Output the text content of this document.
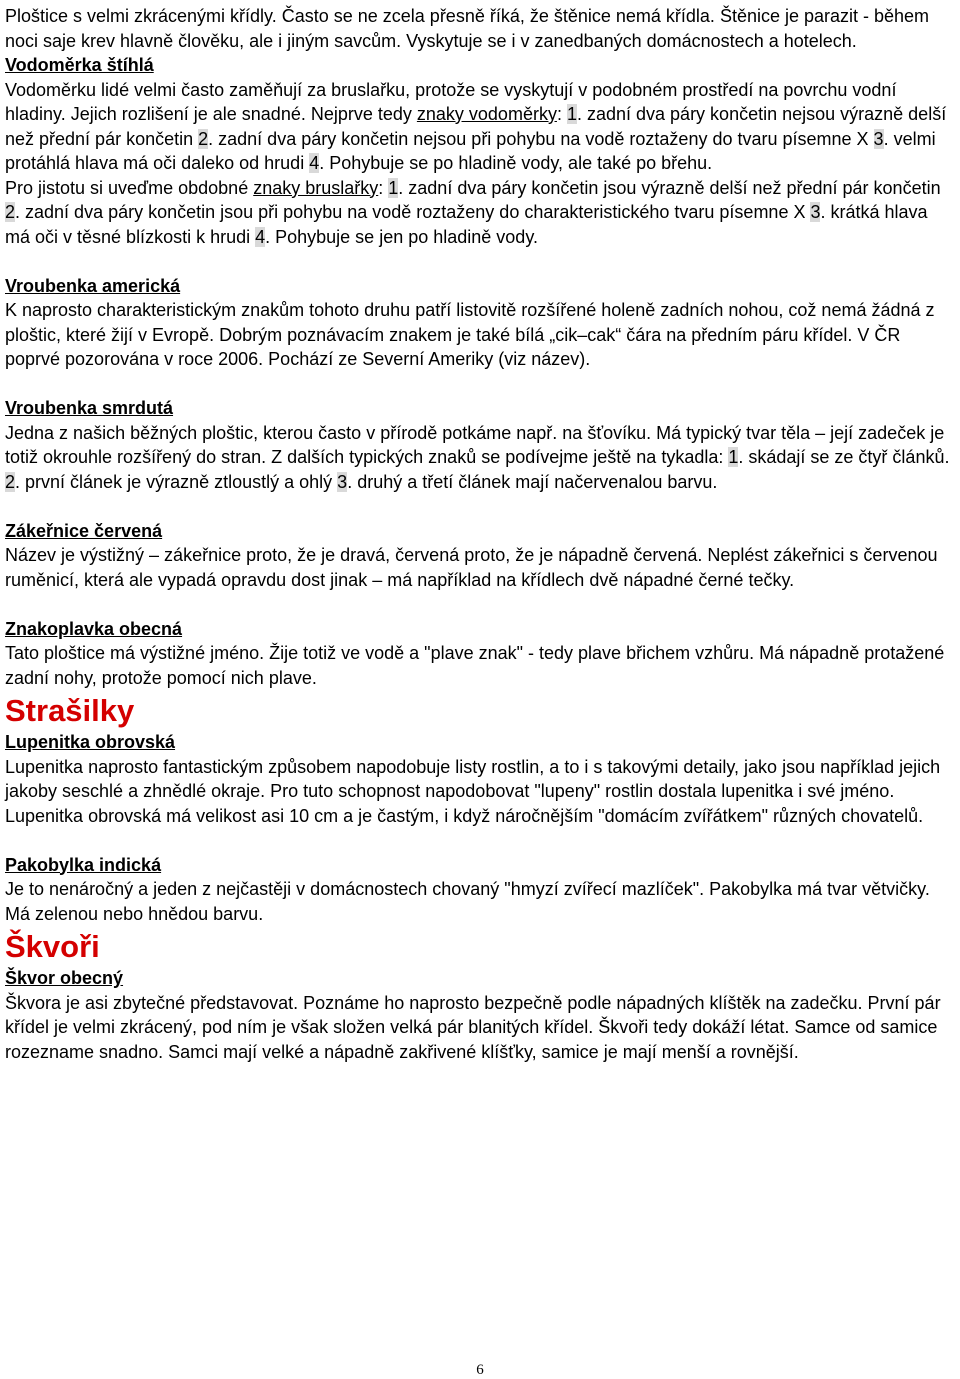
Ploštice s velmi zkrácenými křídly. Často se ne zcela přesně říká, že štěnice nemá křídla. Štěnice je parazit - během noci saje krev hlavně člověku, ale i jiným savcům. Vyskytuje se i v zanedbaných domácnostech a hotelech.

Vodoměrka štíhlá

Vodoměrku lidé velmi často zaměňují za bruslařku, protože se vyskytují v podobném prostředí na povrchu vodní hladiny. Jejich rozlišení je ale snadné. Nejprve tedy znaky vodoměrky: 1. zadní dva páry končetin nejsou výrazně delší než přední pár končetin 2. zadní dva páry končetin nejsou při pohybu na vodě roztaženy do tvaru písemne X 3. velmi protáhlá hlava má oči daleko od hrudi 4. Pohybuje se po hladině vody, ale také po břehu.

Pro jistotu si uveďme obdobné znaky bruslařky: 1. zadní dva páry končetin jsou výrazně delší než přední pár končetin 2. zadní dva páry končetin jsou při pohybu na vodě roztaženy do charakteristického tvaru písemne X 3. krátká hlava má oči v těsné blízkosti k hrudi 4. Pohybuje se jen po hladině vody.

Vroubenka americká

K naprosto charakteristickým znakům tohoto druhu patří listovitě rozšířené holeně zadních nohou, což nemá žádná z ploštic, které žijí v Evropě. Dobrým poznávacím znakem je také bílá „cik–cak“ čára na předním páru křídel. V ČR poprvé pozorována v roce 2006. Pochází ze Severní Ameriky (viz název).

Vroubenka smrdutá

Jedna z našich běžných ploštic, kterou často v přírodě potkáme např. na šťovíku. Má typický tvar těla – její zadeček je totiž okrouhle rozšířený do stran. Z dalších typických znaků se podívejme ještě na tykadla: 1. skádají se ze čtyř článků. 2. první článek je výrazně ztloustlý a ohlý 3. druhý a třetí článek mají načervenalou barvu.

Zákeřnice červená

Název je výstižný – zákeřnice proto, že je dravá, červená proto, že je nápadně červená. Neplést zákeřnici s červenou ruměnicí, která ale vypadá opravdu dost jinak – má například na křídlech dvě nápadné černé tečky.

Znakoplavka obecná

Tato ploštice má výstižné jméno. Žije totiž ve vodě a "plave znak" - tedy plave břichem vzhůru. Má nápadně protažené zadní nohy, protože pomocí nich plave.

Strašilky

Lupenitka obrovská

Lupenitka naprosto fantastickým způsobem napodobuje listy rostlin, a to i s takovými detaily, jako jsou například jejich jakoby seschlé a zhnědlé okraje. Pro tuto schopnost napodobovat "lupeny" rostlin dostala lupenitka i své jméno. Lupenitka obrovská má velikost asi 10 cm a je častým, i když náročnějším "domácím zvířátkem" různých chovatelů.

Pakobylka indická

Je to nenáročný a jeden z nejčastěji v domácnostech chovaný "hmyzí zvířecí mazlíček". Pakobylka má tvar větvičky. Má zelenou nebo hnědou barvu.

Škvoři

Škvor obecný

Škvora je asi zbytečné představovat. Poznáme ho naprosto bezpečně podle nápadných klíštěk na zadečku. První pár křídel je velmi zkrácený, pod ním je však složen velká pár blanitých křídel. Škvoři tedy dokáží létat. Samce od samice rozezname snadno. Samci mají velké a nápadně zakřivené klíšťky, samice je mají menší a rovnější.

6
